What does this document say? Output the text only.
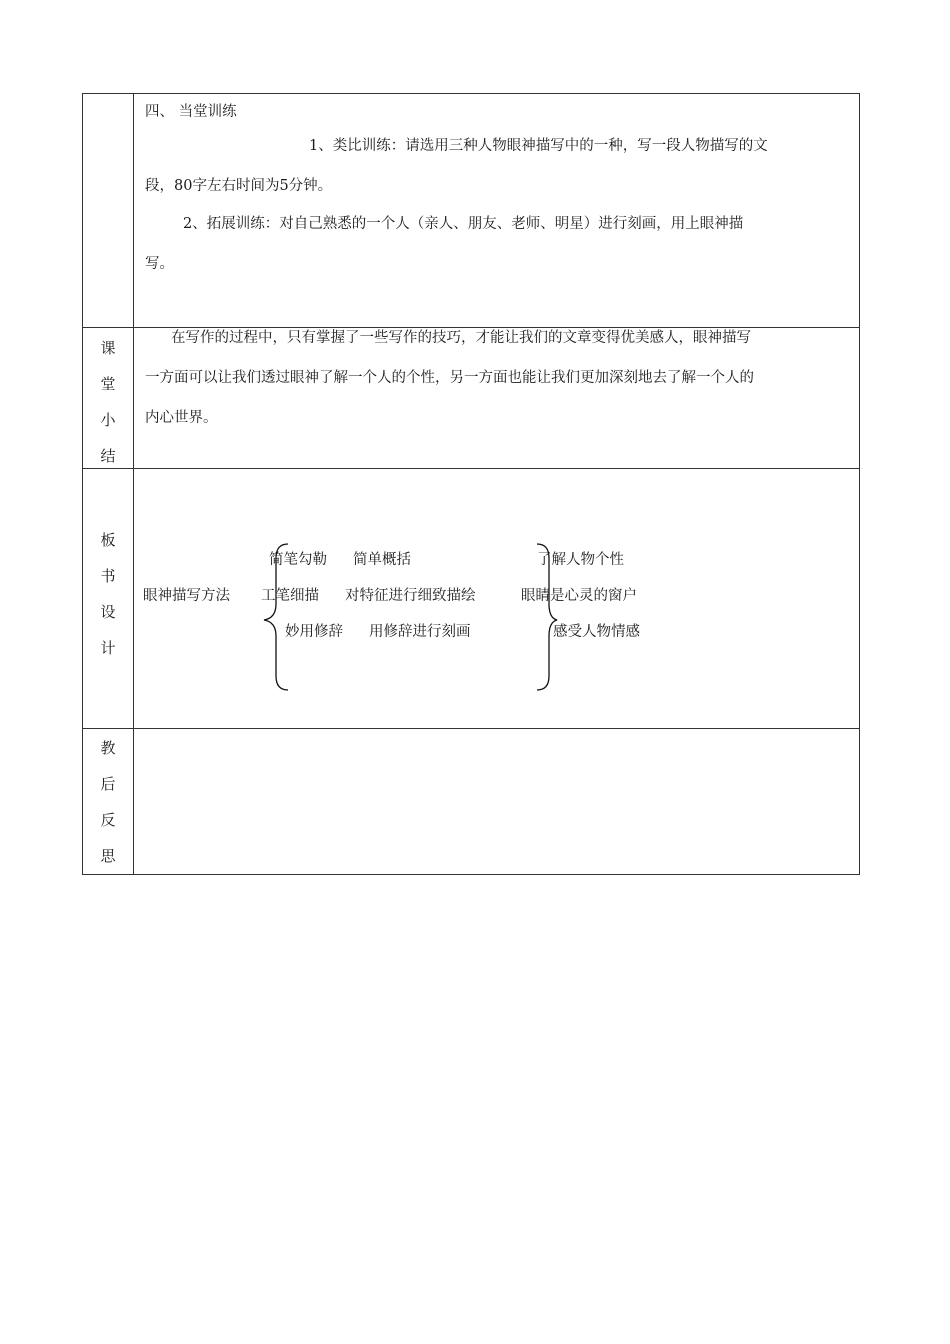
四、 当堂训练
1、类比训练：请选用三种人物眼神描写中的一种，写一段人物描写的文
段，80字左右时间为5分钟。
2、拓展训练：对自己熟悉的一个人（亲人、朋友、老师、明星）进行刻画，用上眼神描
写。
课
堂
小
结
在写作的过程中，只有掌握了一些写作的技巧，才能让我们的文章变得优美感人，眼神描写
一方面可以让我们透过眼神了解一个人的个性，另一方面也能让我们更加深刻地去了解一个人的
内心世界。
板
书
设
计
眼神描写方法
简笔勾勒 简单概括
工笔细描 对特征进行细致描绘
妙用修辞 用修辞进行刻画
了解人物个性
眼睛是心灵的窗户
感受人物情感
教
后
反
思
